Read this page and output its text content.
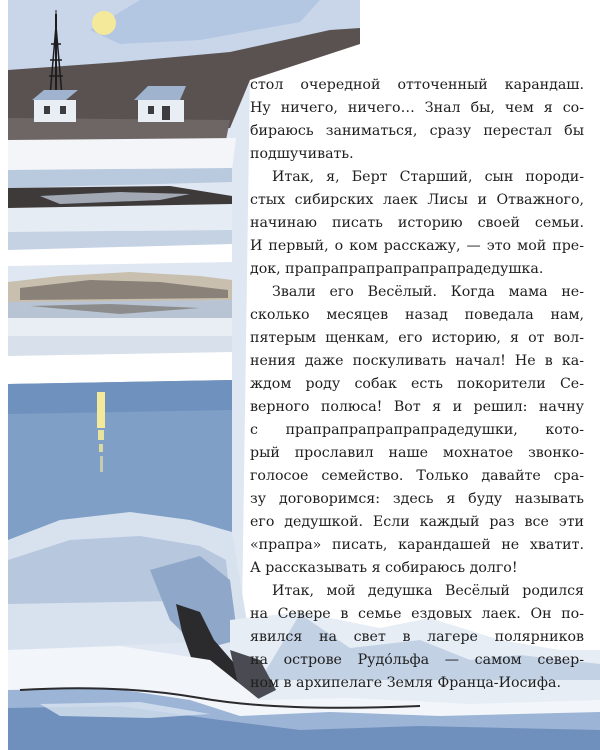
стол очередной отточенный карандаш.
Ну ничего, ничего… Знал бы, чем я со-
бираюсь заниматься, сразу перестал бы
подшучивать.
Итак, я, Берт Старший, сын породи-
стых сибирских лаек Лисы и Отважного,
начинаю писать историю своей семьи.
И первый, о ком расскажу, — это мой пре-
док, прапрапрапрапрапрапрадедушка.
Звали его Весёлый. Когда мама не-
сколько месяцев назад поведала нам,
пятерым щенкам, его историю, я от вол-
нения даже поскуливать начал! Не в ка-
ждом роду собак есть покорители Се-
верного полюса! Вот я и решил: начну
с прапрапрапрапрапрадедушки, кото-
рый прославил наше мохнатое звонко-
голосое семейство. Только давайте сра-
зу договоримся: здесь я буду называть
его дедушкой. Если каждый раз все эти
«прапра» писать, карандашей не хватит.
А рассказывать я собираюсь долго!
Итак, мой дедушка Весёлый родился
на Севере в семье ездовых лаек. Он по-
явился на свет в лагере полярников
на острове Рудо́льфа — самом север-
ном в архипелаге Земля Франца-Иосифа.
